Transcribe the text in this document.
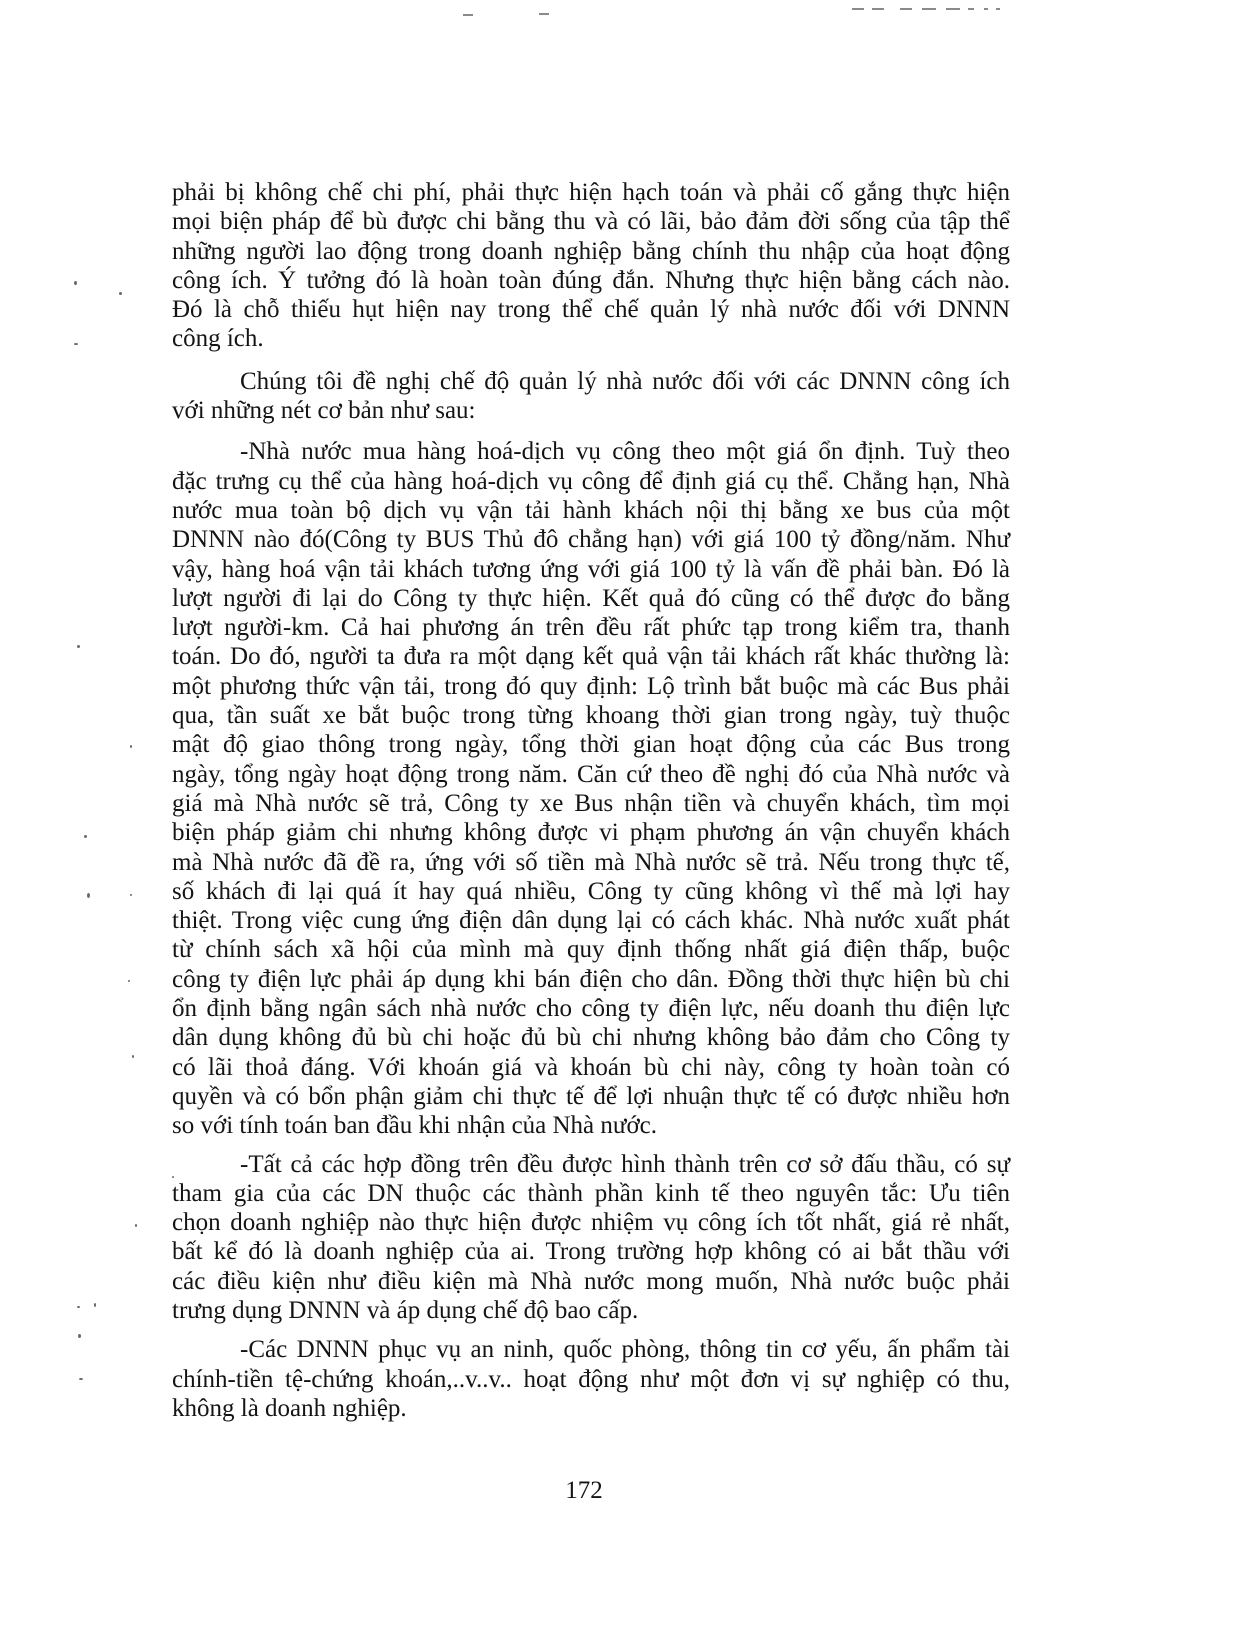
phải bị không chế chi phí, phải thực hiện hạch toán và phải cố gắng thực hiện
mọi biện pháp để bù được chi bằng thu và có lãi, bảo đảm đời sống của tập thể
những người lao động trong doanh nghiệp bằng chính thu nhập của hoạt động
công ích. Ý tưởng đó là hoàn toàn đúng đắn. Nhưng thực hiện bằng cách nào.
Đó là chỗ thiếu hụt hiện nay trong thể chế quản lý nhà nước đối với DNNN
công ích.
Chúng tôi đề nghị chế độ quản lý nhà nước đối với các DNNN công ích
với những nét cơ bản như sau:
-Nhà nước mua hàng hoá-dịch vụ công theo một giá ổn định. Tuỳ theo
đặc trưng cụ thể của hàng hoá-dịch vụ công để định giá cụ thể. Chẳng hạn, Nhà
nước mua toàn bộ dịch vụ vận tải hành khách nội thị bằng xe bus của một
DNNN nào đó(Công ty BUS Thủ đô chẳng hạn) với giá 100 tỷ đồng/năm. Như
vậy, hàng hoá vận tải khách tương ứng với giá 100 tỷ là vấn đề phải bàn. Đó là
lượt người đi lại do Công ty thực hiện. Kết quả đó cũng có thể được đo bằng
lượt người-km. Cả hai phương án trên đều rất phức tạp trong kiểm tra, thanh
toán. Do đó, người ta đưa ra một dạng kết quả vận tải khách rất khác thường là:
một phương thức vận tải, trong đó quy định: Lộ trình bắt buộc mà các Bus phải
qua, tần suất xe bắt buộc trong từng khoang thời gian trong ngày, tuỳ thuộc
mật độ giao thông trong ngày, tổng thời gian hoạt động của các Bus trong
ngày, tổng ngày hoạt động trong năm. Căn cứ theo đề nghị đó của Nhà nước và
giá mà Nhà nước sẽ trả, Công ty xe Bus nhận tiền và chuyển khách, tìm mọi
biện pháp giảm chi nhưng không được vi phạm phương án vận chuyển khách
mà Nhà nước đã đề ra, ứng với số tiền mà Nhà nước sẽ trả. Nếu trong thực tế,
số khách đi lại quá ít hay quá nhiều, Công ty cũng không vì thế mà lợi hay
thiệt. Trong việc cung ứng điện dân dụng lại có cách khác. Nhà nước xuất phát
từ chính sách xã hội của mình mà quy định thống nhất giá điện thấp, buộc
công ty điện lực phải áp dụng khi bán điện cho dân. Đồng thời thực hiện bù chi
ổn định bằng ngân sách nhà nước cho công ty điện lực, nếu doanh thu điện lực
dân dụng không đủ bù chi hoặc đủ bù chi nhưng không bảo đảm cho Công ty
có lãi thoả đáng. Với khoán giá và khoán bù chi này, công ty hoàn toàn có
quyền và có bổn phận giảm chi thực tế để lợi nhuận thực tế có được nhiều hơn
so với tính toán ban đầu khi nhận của Nhà nước.
-Tất cả các hợp đồng trên đều được hình thành trên cơ sở đấu thầu, có sự
tham gia của các DN thuộc các thành phần kinh tế theo nguyên tắc: Ưu tiên
chọn doanh nghiệp nào thực hiện được nhiệm vụ công ích tốt nhất, giá rẻ nhất,
bất kể đó là doanh nghiệp của ai. Trong trường hợp không có ai bắt thầu với
các điều kiện như điều kiện mà Nhà nước mong muốn, Nhà nước buộc phải
trưng dụng DNNN và áp dụng chế độ bao cấp.
-Các DNNN phục vụ an ninh, quốc phòng, thông tin cơ yếu, ấn phẩm tài
chính-tiền tệ-chứng khoán,..v..v.. hoạt động như một đơn vị sự nghiệp có thu,
không là doanh nghiệp.
172
